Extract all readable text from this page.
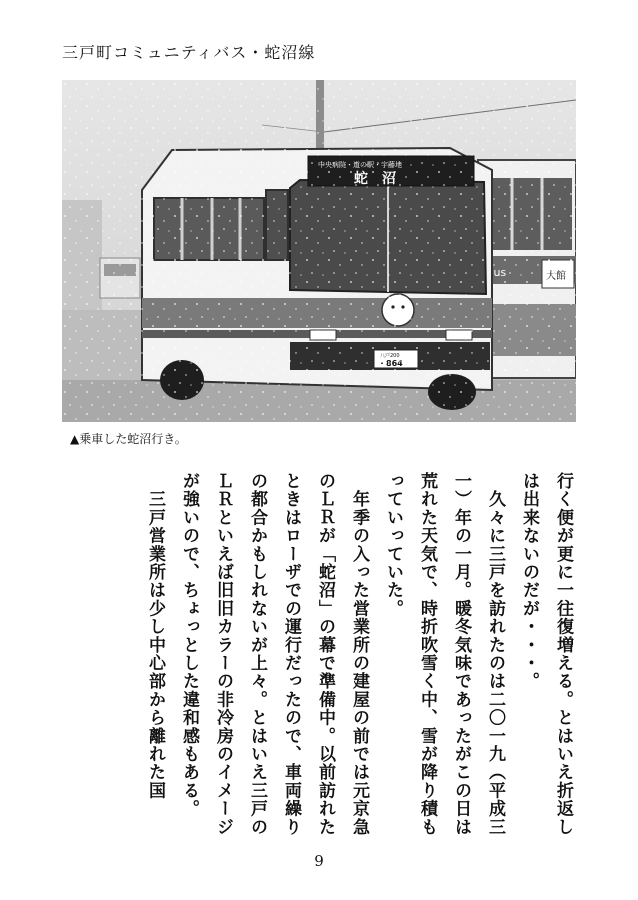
三戸町コミュニティバス・蛇沼線
▲乗車した蛇沼行き。

行く便が更に一往復増える。とはいえ折返しは出来ないのだが・・・。

　久々に三戸を訪れたのは二〇一九（平成三一）年の一月。暖冬気味であったがこの日は荒れた天気で、時折吹雪く中、雪が降り積もっていっていた。

　年季の入った営業所の建屋の前では元京急のＬＲが「蛇沼」の幕で準備中。以前訪れたときはローザでの運行だったので、車両繰りの都合かもしれないが上々。とはいえ三戸のＬＲといえば旧旧カラーの非冷房のイメージが強いので、ちょっとした違和感もある。

　三戸営業所は少し中心部から離れた国

9
